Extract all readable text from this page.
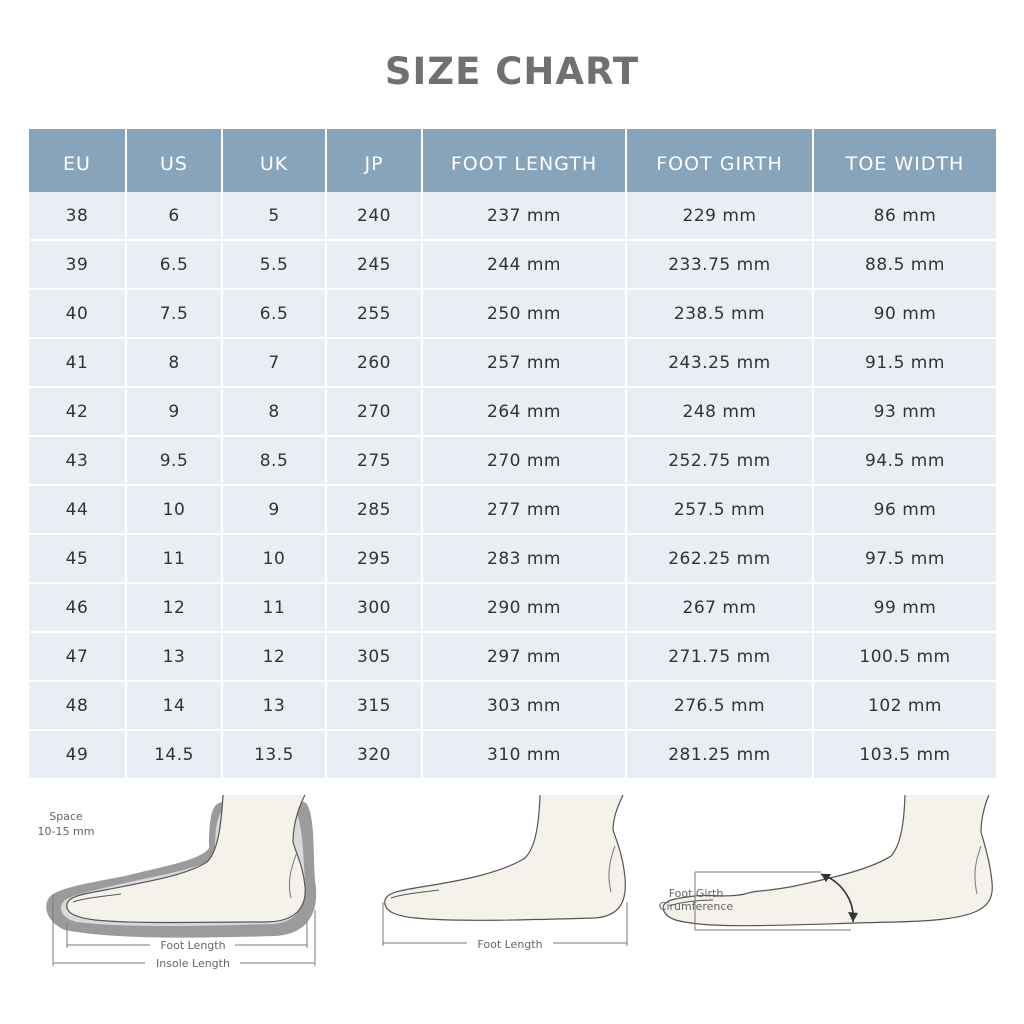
SIZE CHART
EU	US	UK	JP	FOOT LENGTH	FOOT GIRTH	TOE WIDTH
38	6	5	240	237 mm	229 mm	86 mm
39	6.5	5.5	245	244 mm	233.75 mm	88.5 mm
40	7.5	6.5	255	250 mm	238.5 mm	90 mm
41	8	7	260	257 mm	243.25 mm	91.5 mm
42	9	8	270	264 mm	248 mm	93 mm
43	9.5	8.5	275	270 mm	252.75 mm	94.5 mm
44	10	9	285	277 mm	257.5 mm	96 mm
45	11	10	295	283 mm	262.25 mm	97.5 mm
46	12	11	300	290 mm	267 mm	99 mm
47	13	12	305	297 mm	271.75 mm	100.5 mm
48	14	13	315	303 mm	276.5 mm	102 mm
49	14.5	13.5	320	310 mm	281.25 mm	103.5 mm
Space
10-15 mm
Foot Length
Insole Length
Foot Length
Foot Girth
Cirumference
